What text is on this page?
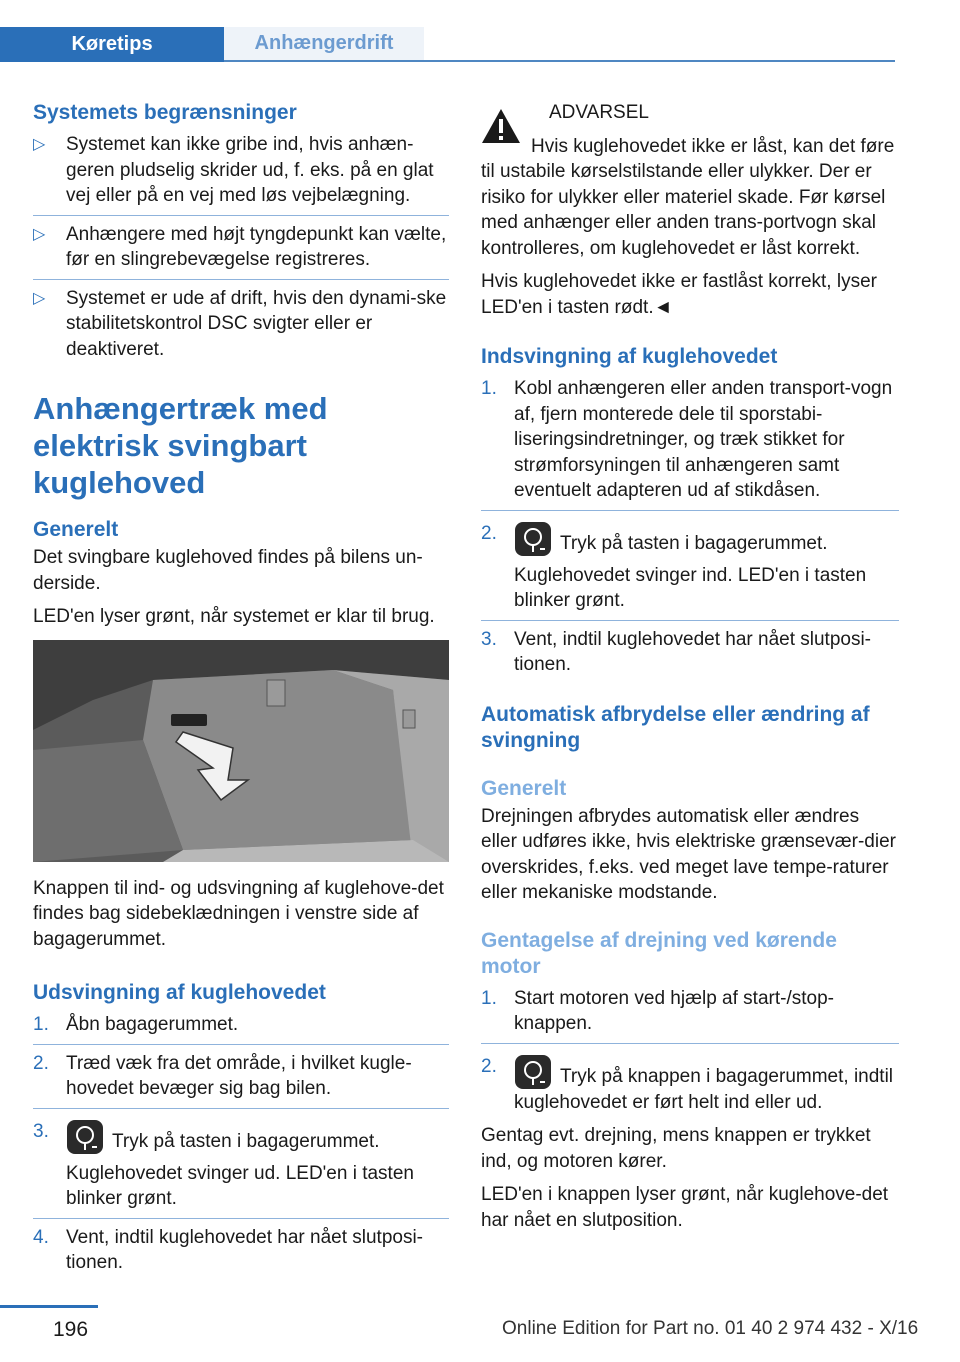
Køretips	Anhængerdrift
Systemets begrænsninger
▷ Systemet kan ikke gribe ind, hvis anhæn-geren pludselig skrider ud, f. eks. på en glat vej eller på en vej med løs vejbelægning.
▷ Anhængere med højt tyngdepunkt kan vælte, før en slingrebevægelse registreres.
▷ Systemet er ude af drift, hvis den dynami-ske stabilitetskontrol DSC svigter eller er deaktiveret.
Anhængertræk med elektrisk svingbart kuglehoved
Generelt

Det svingbare kuglehoved findes på bilens un-derside.

LED'en lyser grønt, når systemet er klar til brug.

Knappen til ind- og udsvingning af kuglehove-det findes bag sidebeklædningen i venstre side af bagagerummet.

Udsvingning af kuglehovedet
1. Åbn bagagerummet.
2. Træd væk fra det område, i hvilket kugle-hovedet bevæger sig bag bilen.
3.	Tryk på tasten i bagagerummet.
Kuglehovedet svinger ud. LED'en i tasten blinker grønt.
4. Vent, indtil kuglehovedet har nået slutposi-tionen.

ADVARSEL

Hvis kuglehovedet ikke er låst, kan det føre til ustabile kørselstilstande eller ulykker. Der er risiko for ulykker eller materiel skade. Før kørsel med anhænger eller anden trans-portvogn skal kontrolleres, om kuglehovedet er låst korrekt.

Hvis kuglehovedet ikke er fastlåst korrekt, lyser LED'en i tasten rødt.◄

Indsvingning af kuglehovedet
1. Kobl anhængeren eller anden transport-vogn af, fjern monterede dele til sporstabi-liseringsindretninger, og træk stikket for strømforsyningen til anhængeren samt eventuelt adapteren ud af stikdåsen.
2.	Tryk på tasten i bagagerummet.
Kuglehovedet svinger ind. LED'en i tasten blinker grønt.
3. Vent, indtil kuglehovedet har nået slutposi-tionen.
Automatisk afbrydelse eller ændring af svingning
Generelt

Drejningen afbrydes automatisk eller ændres eller udføres ikke, hvis elektriske grænsevær-dier overskrides, f.eks. ved meget lave tempe-raturer eller mekaniske modstande.

Gentagelse af drejning ved kørende motor
1. Start motoren ved hjælp af start-/stop-knappen.
2.	Tryk på knappen i bagagerummet, indtil kuglehovedet er ført helt ind eller ud.

Gentag evt. drejning, mens knappen er trykket ind, og motoren kører.

LED'en i knappen lyser grønt, når kuglehove-det har nået en slutposition.

196	Online Edition for Part no. 01 40 2 974 432 - X/16
